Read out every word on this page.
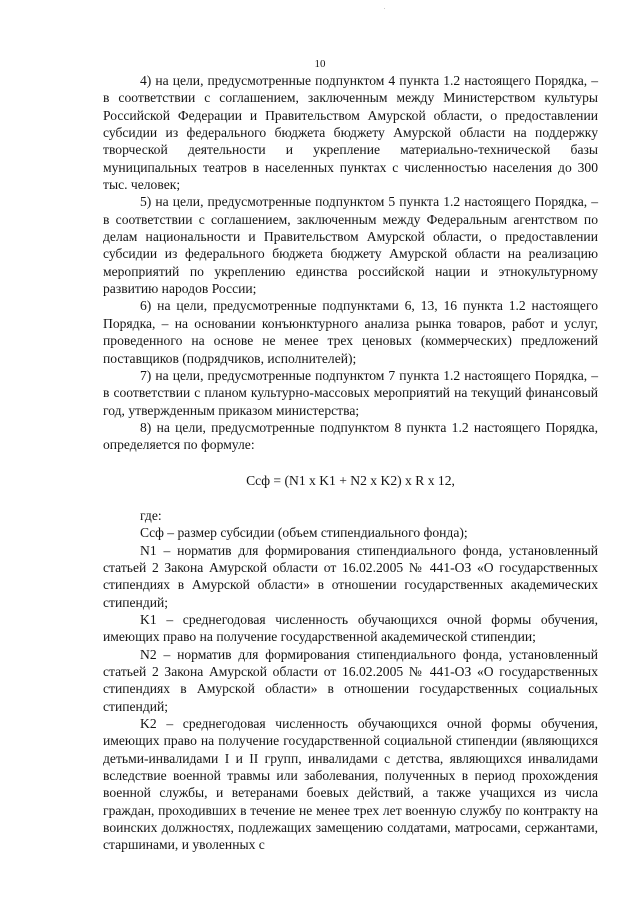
10

4) на цели, предусмотренные подпунктом 4 пункта 1.2 настоящего Порядка, – в соответствии с соглашением, заключенным между Министерством культуры Российской Федерации и Правительством Амурской области, о предоставлении субсидии из федерального бюджета бюджету Амурской области на поддержку творческой деятельности и укрепление материально-технической базы муниципальных театров в населенных пунктах с численностью населения до 300 тыс. человек;

5) на цели, предусмотренные подпунктом 5 пункта 1.2 настоящего Порядка, – в соответствии с соглашением, заключенным между Федеральным агентством по делам национальности и Правительством Амурской области, о предоставлении субсидии из федерального бюджета бюджету Амурской области на реализацию мероприятий по укреплению единства российской нации и этнокультурному развитию народов России;

6) на цели, предусмотренные подпунктами 6, 13, 16 пункта 1.2 настоящего Порядка, – на основании конъюнктурного анализа рынка товаров, работ и услуг, проведенного на основе не менее трех ценовых (коммерческих) предложений поставщиков (подрядчиков, исполнителей);

7) на цели, предусмотренные подпунктом 7 пункта 1.2 настоящего Порядка, – в соответствии с планом культурно-массовых мероприятий на текущий финансовый год, утвержденным приказом министерства;

8) на цели, предусмотренные подпунктом 8 пункта 1.2 настоящего Порядка, определяется по формуле:

Ccф = (N1 x K1 + N2 x K2) x R x 12,

где:

Ccф – размер субсидии (объем стипендиального фонда);

N1 – норматив для формирования стипендиального фонда, установленный статьей 2 Закона Амурской области от 16.02.2005 № 441-ОЗ «О государственных стипендиях в Амурской области» в отношении государственных академических стипендий;

K1 – среднегодовая численность обучающихся очной формы обучения, имеющих право на получение государственной академической стипендии;

N2 – норматив для формирования стипендиального фонда, установленный статьей 2 Закона Амурской области от 16.02.2005 № 441-ОЗ «О государственных стипендиях в Амурской области» в отношении государственных социальных стипендий;

K2 – среднегодовая численность обучающихся очной формы обучения, имеющих право на получение государственной социальной стипендии (являющихся детьми-инвалидами I и II групп, инвалидами с детства, являющихся инвалидами вследствие военной травмы или заболевания, полученных в период прохождения военной службы, и ветеранами боевых действий, а также учащихся из числа граждан, проходивших в течение не менее трех лет военную службу по контракту на воинских должностях, подлежащих замещению солдатами, матросами, сержантами, старшинами, и уволенных с
